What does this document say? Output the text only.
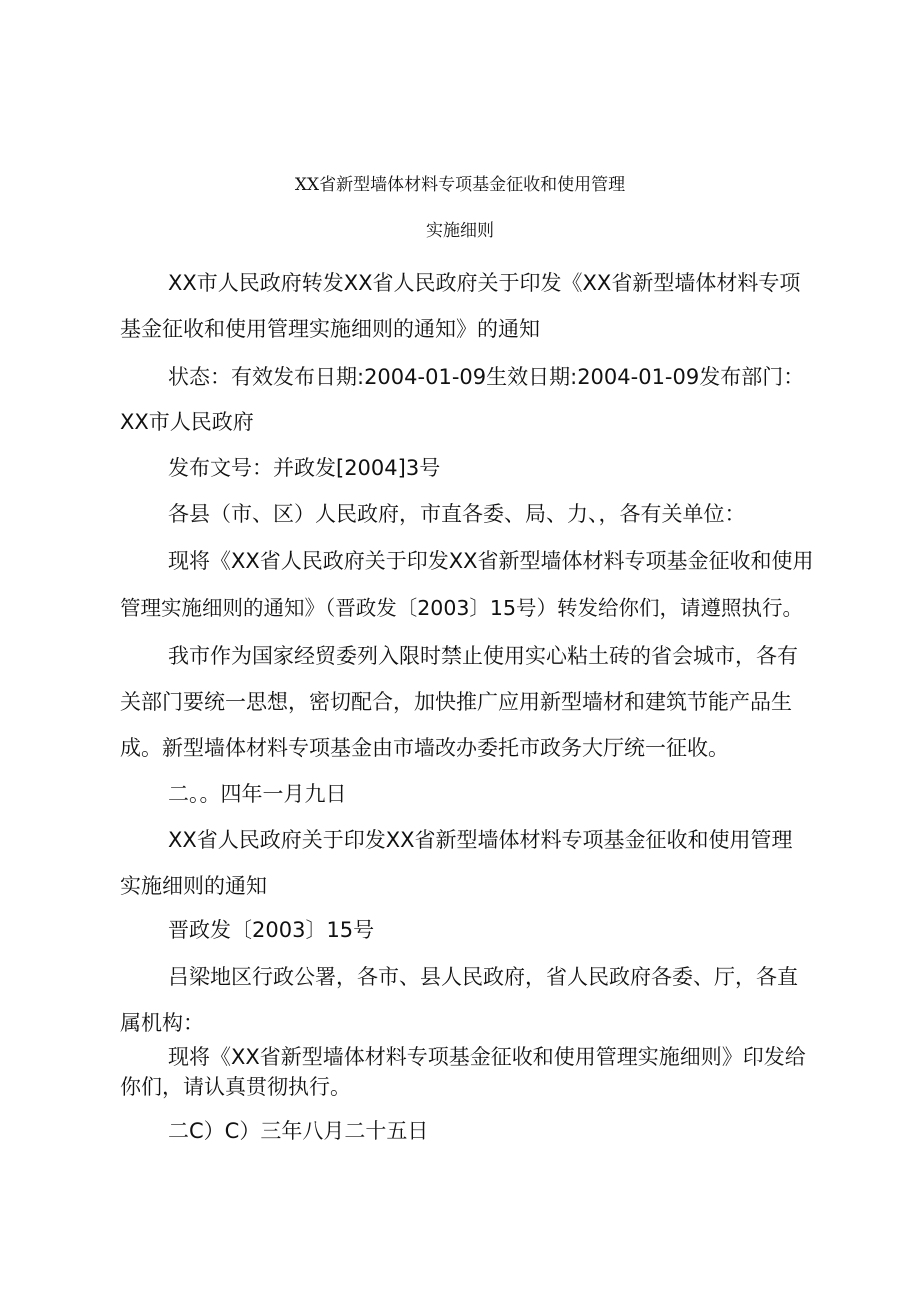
XX省新型墙体材料专项基金征收和使用管理
实施细则
XX市人民政府转发XX省人民政府关于印发《XX省新型墙体材料专项
基金征收和使用管理实施细则的通知》的通知
状态：有效发布日期:2004-01-09生效日期:2004-01-09发布部门：
XX市人民政府
发布文号：并政发[2004]3号
各县（市、区）人民政府，市直各委、局、力、，各有关单位：
现将《XX省人民政府关于印发XX省新型墙体材料专项基金征收和使用
管理实施细则的通知》（晋政发〔2003〕15号）转发给你们，请遵照执行。
我市作为国家经贸委列入限时禁止使用实心粘土砖的省会城市，各有
关部门要统一思想，密切配合，加快推广应用新型墙材和建筑节能产品生
成。新型墙体材料专项基金由市墙改办委托市政务大厅统一征收。
二。。四年一月九日
XX省人民政府关于印发XX省新型墙体材料专项基金征收和使用管理
实施细则的通知
晋政发〔2003〕15号
吕梁地区行政公署，各市、县人民政府，省人民政府各委、厅，各直
属机构：
现将《XX省新型墙体材料专项基金征收和使用管理实施细则》印发给
你们，请认真贯彻执行。
二C）C）三年八月二十五日
